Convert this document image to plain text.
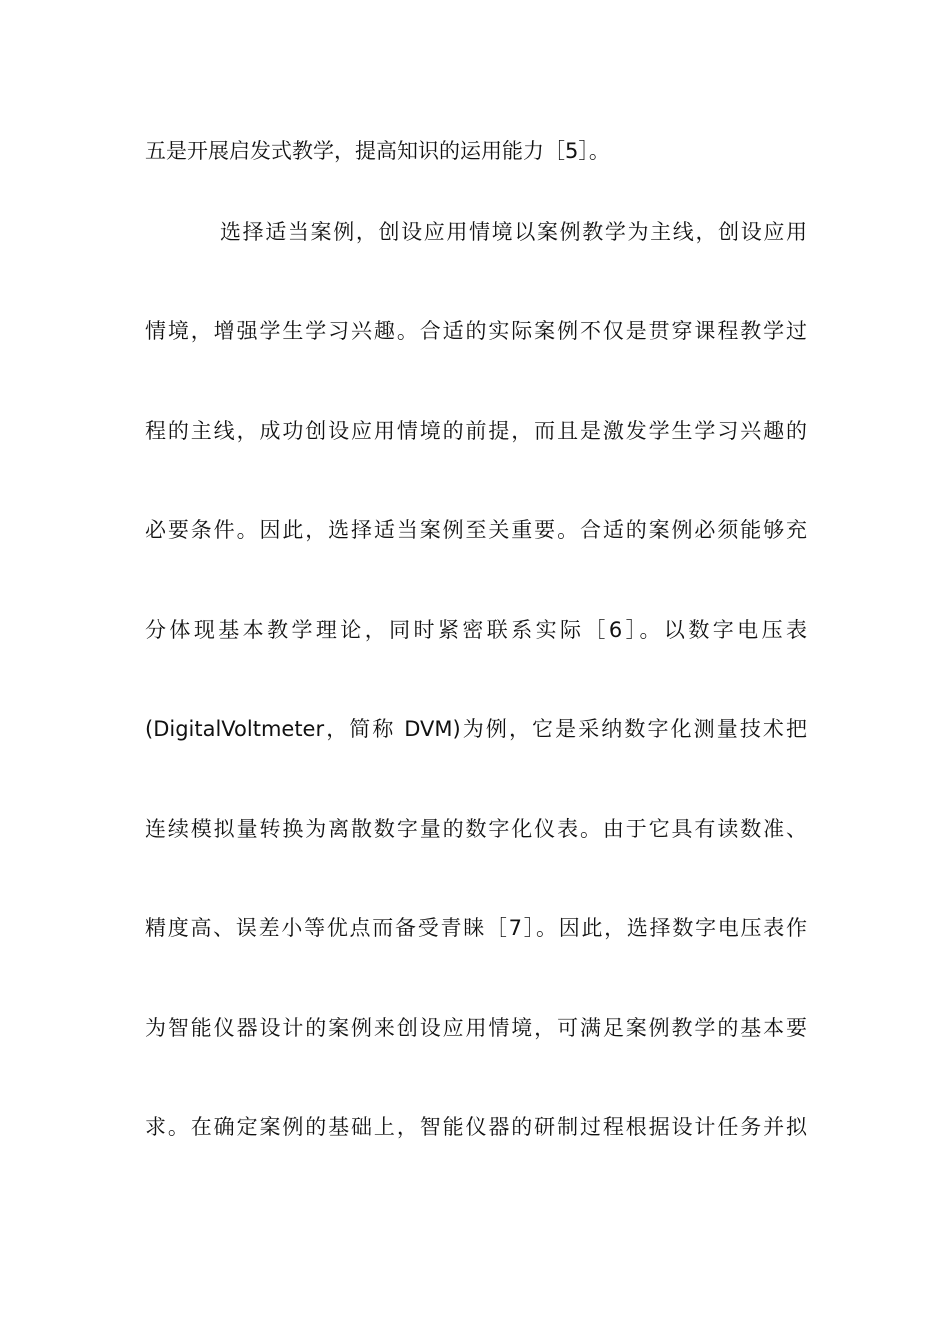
五是开展启发式教学，提高知识的运用能力［5］。
选择适当案例，创设应用情境以案例教学为主线，创设应用
情境，增强学生学习兴趣。合适的实际案例不仅是贯穿课程教学过
程的主线，成功创设应用情境的前提，而且是激发学生学习兴趣的
必要条件。因此，选择适当案例至关重要。合适的案例必须能够充
分体现基本教学理论，同时紧密联系实际［6］。以数字电压表
(DigitalVoltmeter，简称 DVM)为例，它是采纳数字化测量技术把
连续模拟量转换为离散数字量的数字化仪表。由于它具有读数准、
精度高、误差小等优点而备受青睐［7］。因此，选择数字电压表作
为智能仪器设计的案例来创设应用情境，可满足案例教学的基本要
求。在确定案例的基础上，智能仪器的研制过程根据设计任务并拟
